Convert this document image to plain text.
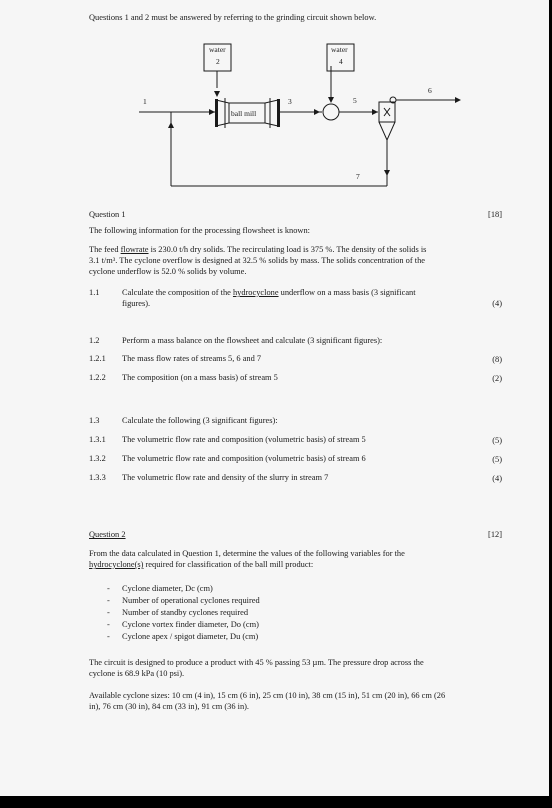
Questions 1 and 2 must be answered by referring to the grinding circuit shown below.
water
2
water
4
1
ball mill
3	5
6
7
Question 1	[18]
The following information for the processing flowsheet is known:
The feed flowrate is 230.0 t/h dry solids. The recirculating load is 375 %. The density of the solids is
3.1 t/m³. The cyclone overflow is designed at 32.5 % solids by mass. The solids concentration of the
cyclone underflow is 52.0 % solids by volume.
1.1	Calculate the composition of the hydrocyclone underflow on a mass basis (3 significant
figures).	(4)
1.2	Perform a mass balance on the flowsheet and calculate (3 significant figures):
1.2.1 The mass flow rates of streams 5, 6 and 7	(8)
1.2.2 The composition (on a mass basis) of stream 5	(2)
1.3	Calculate the following (3 significant figures):
1.3.1 The volumetric flow rate and composition (volumetric basis) of stream 5	(5)
1.3.2 The volumetric flow rate and composition (volumetric basis) of stream 6	(5)
1.3.3 The volumetric flow rate and density of the slurry in stream 7	(4)
Question 2	[12]
From the data calculated in Question 1, determine the values of the following variables for the
hydrocyclone(s) required for classification of the ball mill product:
- Cyclone diameter, Dc (cm)
- Number of operational cyclones required
- Number of standby cyclones required
- Cyclone vortex finder diameter, Do (cm)
- Cyclone apex / spigot diameter, Du (cm)
The circuit is designed to produce a product with 45 % passing 53 µm. The pressure drop across the
cyclone is 68.9 kPa (10 psi).
Available cyclone sizes: 10 cm (4 in), 15 cm (6 in), 25 cm (10 in), 38 cm (15 in), 51 cm (20 in), 66 cm (26
in), 76 cm (30 in), 84 cm (33 in), 91 cm (36 in).
